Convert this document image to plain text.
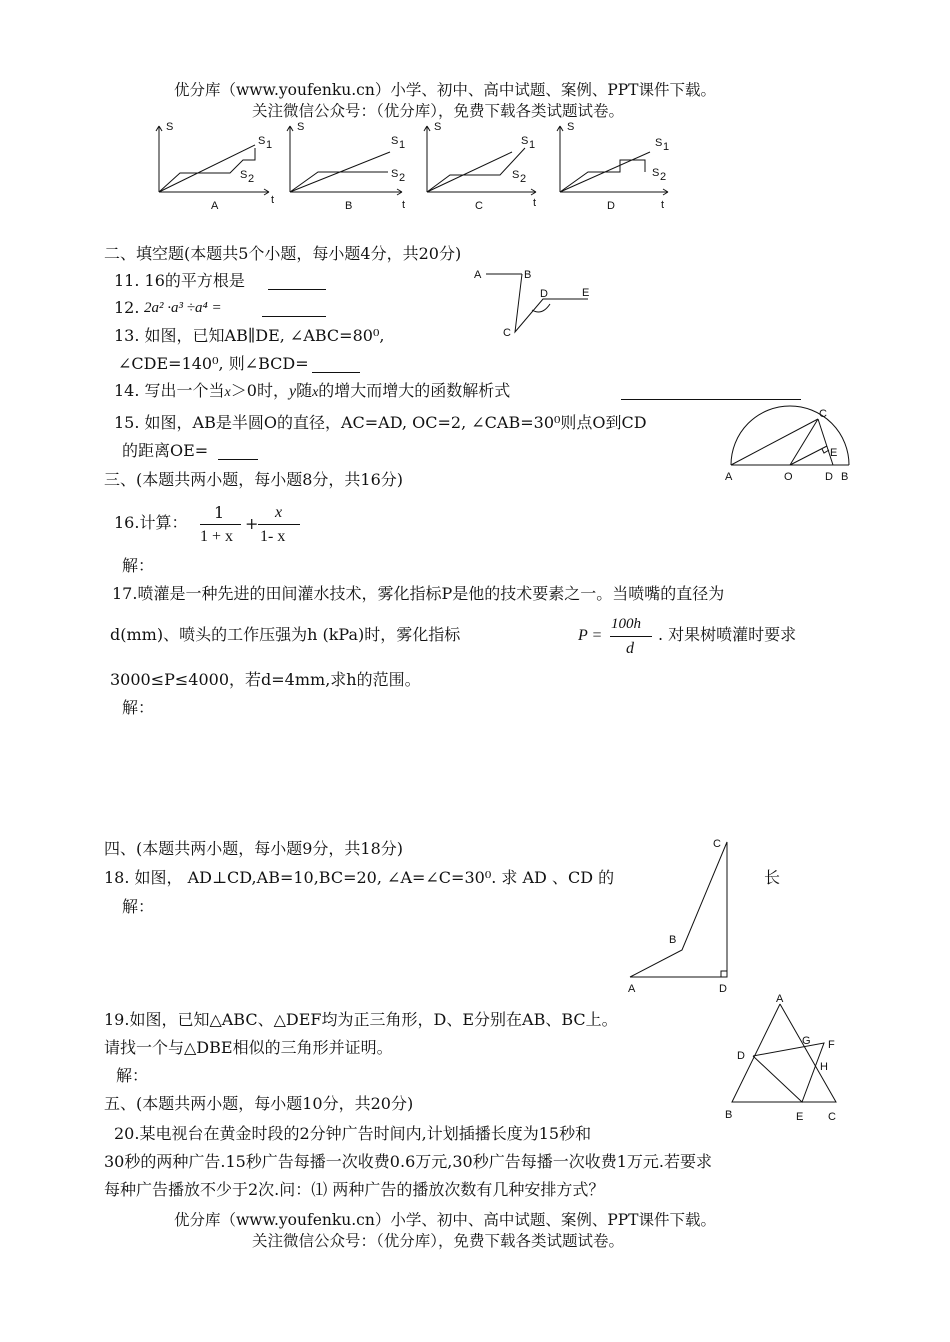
优分库（www.youfenku.cn）小学、初中、高中试题、案例、PPT课件下载。
关注微信公众号：（优分库），免费下载各类试题试卷。
S
t
S 1
S 2
A
S
t
S 1
S 2
B
S
t
S 1
S 2
C
S
t
S 1
S 2
D
二、填空题(本题共5个小题，每小题4分，共20分)
11. 16的平方根是
12. 2a² ·a³ ÷a⁴ =
13. 如图，已知AB∥DE, ∠ABC=80⁰,
∠CDE=140⁰, 则∠BCD=
A	B
C
D	E
14. 写出一个当x＞0时，y随x的增大而增大的函数解析式
15. 如图，AB是半圆O的直径，AC=AD, OC=2, ∠CAB=30⁰则点O到CD
的距离OE=
A	O	D B
C
E
三、(本题共两小题，每小题8分，共16分)
16.计算：
1
1 + x
+
x
1- x
解：
17.喷灌是一种先进的田间灌水技术，雾化指标P是他的技术要素之一。当喷嘴的直径为
d(mm)、喷头的工作压强为h (kPa)时，雾化指标	P =
100h
d
. 对果树喷灌时要求
3000≤P≤4000，若d=4mm,求h的范围。
解：
四、(本题共两小题，每小题9分，共18分)
18. 如图， AD⊥CD,AB=10,BC=20, ∠A=∠C=30⁰. 求 AD 、CD 的	长
解：
C
B
A	D
19.如图，已知△ABC、△DEF均为正三角形，D、E分别在AB、BC上。
请找一个与△DBE相似的三角形并证明。
解：
A
G F
D
H
B	E C
五、(本题共两小题，每小题10分，共20分)
20.某电视台在黄金时段的2分钟广告时间内,计划插播长度为15秒和
30秒的两种广告.15秒广告每播一次收费0.6万元,30秒广告每播一次收费1万元.若要求
每种广告播放不少于2次.问：⑴ 两种广告的播放次数有几种安排方式？
优分库（www.youfenku.cn）小学、初中、高中试题、案例、PPT课件下载。
关注微信公众号：（优分库），免费下载各类试题试卷。
